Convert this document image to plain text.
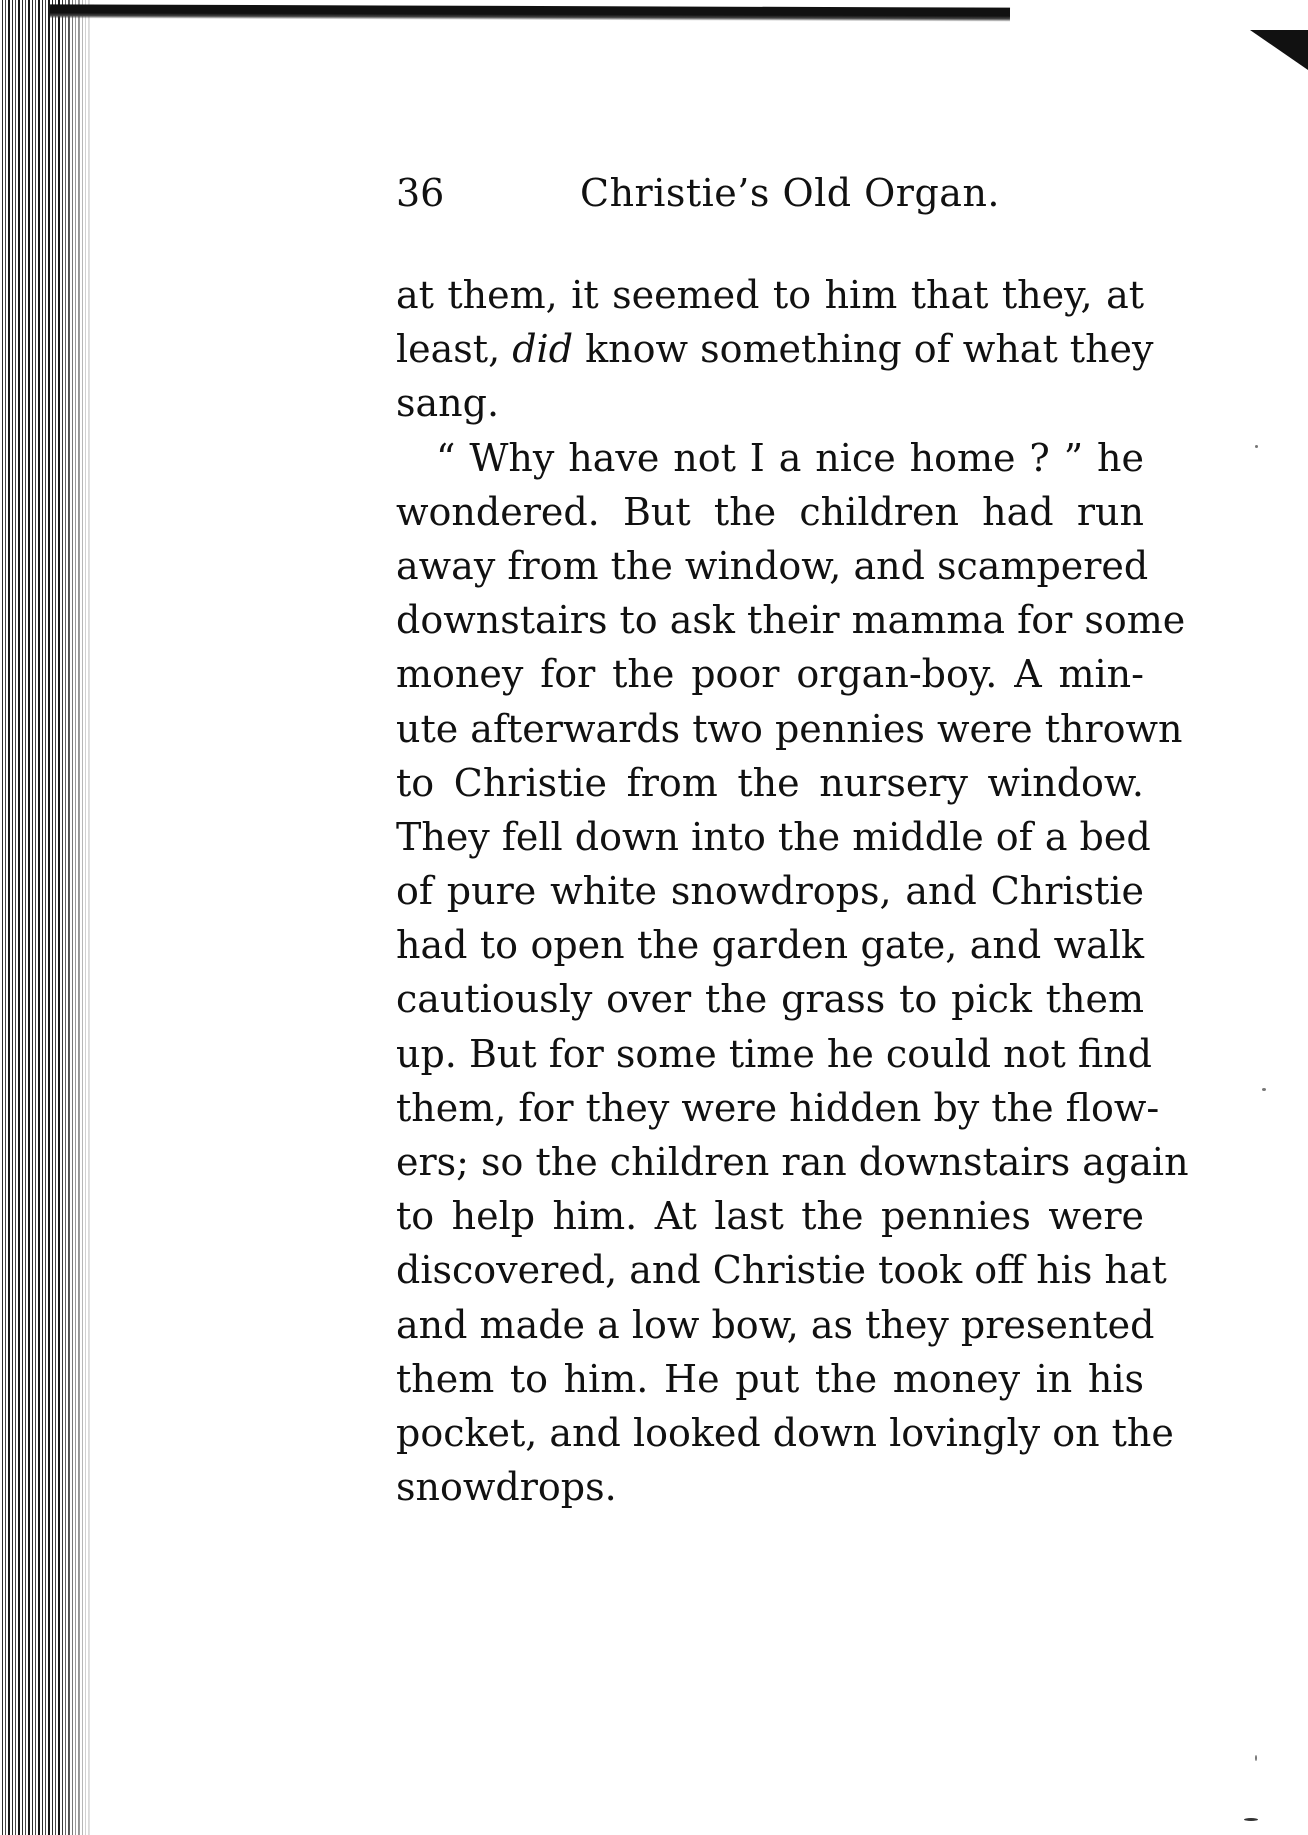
36	Christie’s Old Organ.
at them, it seemed to him that they, at
least, did know something of what they
sang.
“ Why have not I a nice home ? ” he
wondered. But the children had run
away from the window, and scampered
downstairs to ask their mamma for some
money for the poor organ-boy. A min-
ute afterwards two pennies were thrown
to Christie from the nursery window.
They fell down into the middle of a bed
of pure white snowdrops, and Christie
had to open the garden gate, and walk
cautiously over the grass to pick them
up. But for some time he could not find
them, for they were hidden by the flow-
ers; so the children ran downstairs again
to help him. At last the pennies were
discovered, and Christie took off his hat
and made a low bow, as they presented
them to him. He put the money in his
pocket, and looked down lovingly on the
snowdrops.
